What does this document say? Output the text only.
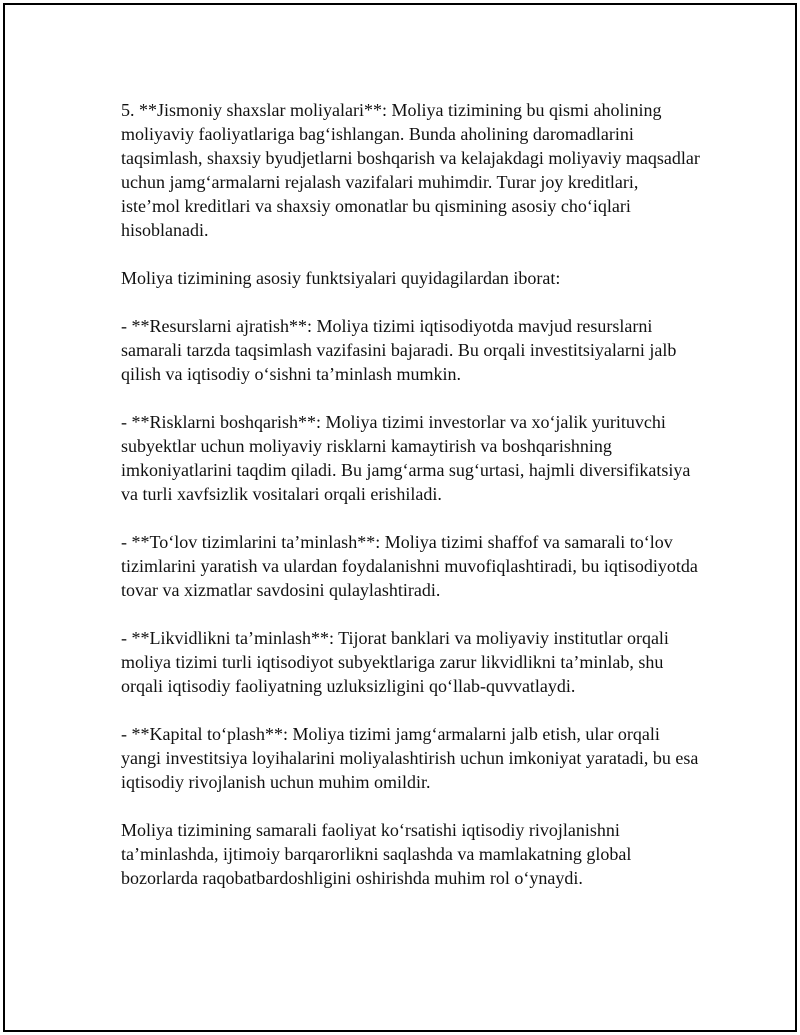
5. **Jismoniy shaxslar moliyalari**: Moliya tizimining bu qismi aholining moliyaviy faoliyatlariga bag‘ishlangan. Bunda aholining daromadlarini taqsimlash, shaxsiy byudjetlarni boshqarish va kelajakdagi moliyaviy maqsadlar uchun jamg‘armalarni rejalash vazifalari muhimdir. Turar joy kreditlari, iste’mol kreditlari va shaxsiy omonatlar bu qismining asosiy cho‘iqlari hisoblanadi.

Moliya tizimining asosiy funktsiyalari quyidagilardan iborat:

- **Resurslarni ajratish**: Moliya tizimi iqtisodiyotda mavjud resurslarni samarali tarzda taqsimlash vazifasini bajaradi. Bu orqali investitsiyalarni jalb qilish va iqtisodiy o‘sishni ta’minlash mumkin.

- **Risklarni boshqarish**: Moliya tizimi investorlar va xo‘jalik yurituvchi subyektlar uchun moliyaviy risklarni kamaytirish va boshqarishning imkoniyatlarini taqdim qiladi. Bu jamg‘arma sug‘urtasi, hajmli diversifikatsiya va turli xavfsizlik vositalari orqali erishiladi.

- **To‘lov tizimlarini ta’minlash**: Moliya tizimi shaffof va samarali to‘lov tizimlarini yaratish va ulardan foydalanishni muvofiqlashtiradi, bu iqtisodiyotda tovar va xizmatlar savdosini qulaylashtiradi.

- **Likvidlikni ta’minlash**: Tijorat banklari va moliyaviy institutlar orqali moliya tizimi turli iqtisodiyot subyektlariga zarur likvidlikni ta’minlab, shu orqali iqtisodiy faoliyatning uzluksizligini qo‘llab-quvvatlaydi.

- **Kapital to‘plash**: Moliya tizimi jamg‘armalarni jalb etish, ular orqali yangi investitsiya loyihalarini moliyalashtirish uchun imkoniyat yaratadi, bu esa iqtisodiy rivojlanish uchun muhim omildir.

Moliya tizimining samarali faoliyat ko‘rsatishi iqtisodiy rivojlanishni ta’minlashda, ijtimoiy barqarorlikni saqlashda va mamlakatning global bozorlarda raqobatbardoshligini oshirishda muhim rol o‘ynaydi.
